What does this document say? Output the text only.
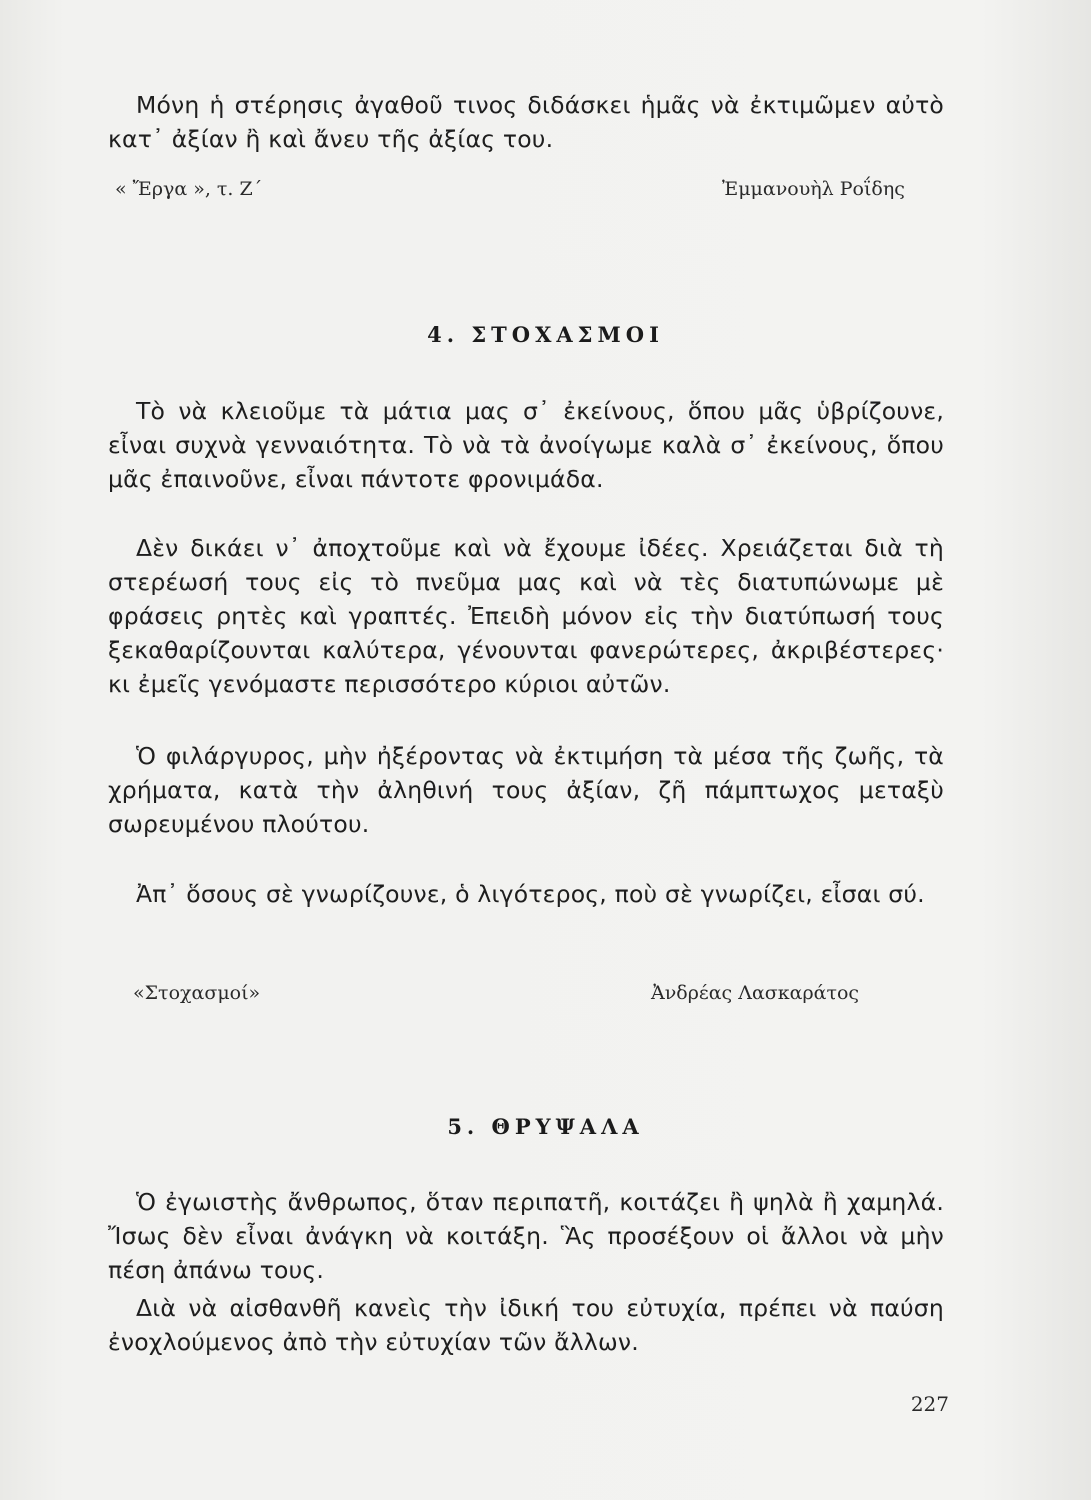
Μόνη ἡ στέρησις ἀγαθοῦ τινος διδάσκει ἡμᾶς νὰ ἐκτιμῶμεν αὐτὸ κατ᾽ ἀξίαν ἢ καὶ ἄνευ τῆς ἀξίας του.

« Ἔργα », τ. Ζ΄	Ἐμμανουὴλ Ροΐδης
4. ΣΤΟΧΑΣΜΟΙ

Τὸ νὰ κλειοῦμε τὰ μάτια μας σ᾽ ἐκείνους, ὅπου μᾶς ὑβρίζουνε, εἶναι συχνὰ γενναιότητα. Τὸ νὰ τὰ ἀνοίγωμε καλὰ σ᾽ ἐκείνους, ὅπου μᾶς ἐπαινοῦνε, εἶναι πάντοτε φρονιμάδα.

Δὲν δικάει ν᾽ ἀποχτοῦμε καὶ νὰ ἔχουμε ἰδέες. Χρειάζεται διὰ τὴ στερέωσή τους εἰς τὸ πνεῦμα μας καὶ νὰ τὲς διατυπώνωμε μὲ φράσεις ρητὲς καὶ γραπτές. Ἐπειδὴ μόνον εἰς τὴν διατύπωσή τους ξεκαθαρίζουνται καλύτερα, γένουνται φανερώτερες, ἀκριβέστερες· κι ἐμεῖς γενόμαστε περισσότερο κύριοι αὐτῶν.

Ὁ φιλάργυρος, μὴν ἠξέροντας νὰ ἐκτιμήση τὰ μέσα τῆς ζωῆς, τὰ χρήματα, κατὰ τὴν ἀληθινή τους ἀξίαν, ζῆ πάμπτωχος μεταξὺ σωρευμένου πλούτου.

Ἀπ᾽ ὅσους σὲ γνωρίζουνε, ὁ λιγότερος, ποὺ σὲ γνωρίζει, εἶσαι σύ.

«Στοχασμοί»	Ἀνδρέας Λασκαράτος
5. ΘΡΥΨΑΛΑ

Ὁ ἐγωιστὴς ἄνθρωπος, ὅταν περιπατῆ, κοιτάζει ἢ ψηλὰ ἢ χαμηλά. Ἴσως δὲν εἶναι ἀνάγκη νὰ κοιτάξη. Ἃς προσέξουν οἱ ἄλλοι νὰ μὴν πέση ἀπάνω τους.

Διὰ νὰ αἰσθανθῆ κανεὶς τὴν ἰδική του εὐτυχία, πρέπει νὰ παύση ἐνοχλούμενος ἀπὸ τὴν εὐτυχίαν τῶν ἄλλων.

227
